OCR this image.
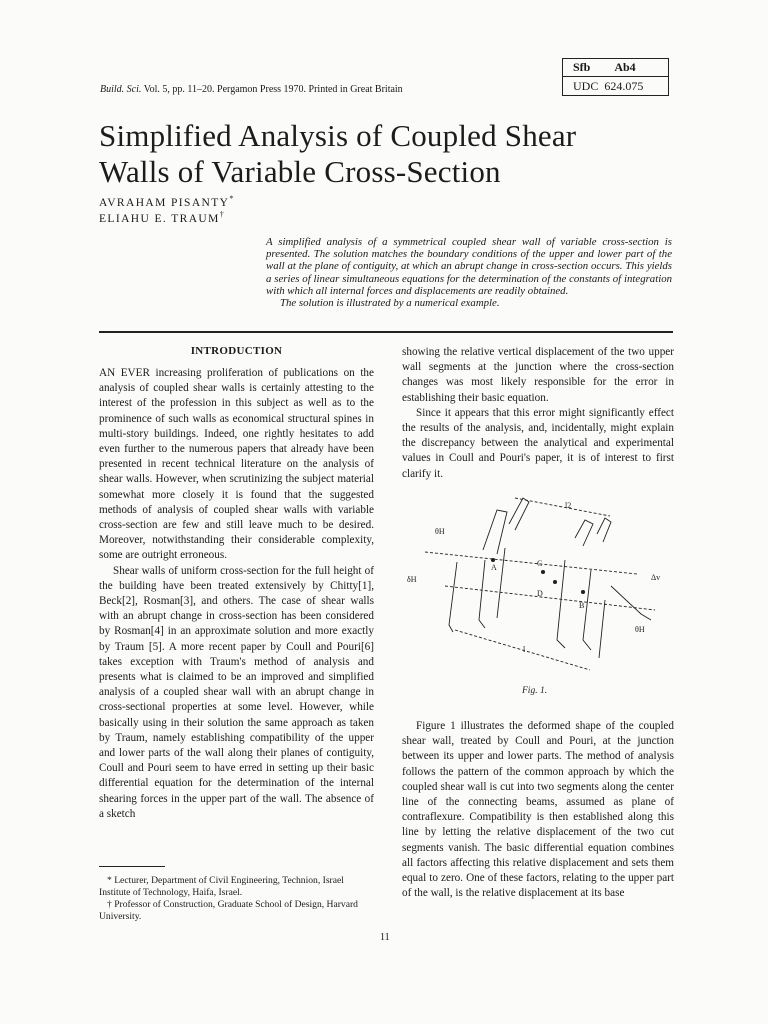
Sfb Ab4
UDC 624.075
Build. Sci. Vol. 5, pp. 11–20. Pergamon Press 1970. Printed in Great Britain
Simplified Analysis of Coupled Shear
Walls of Variable Cross-Section
AVRAHAM PISANTY*
ELIAHU E. TRAUM†
A simplified analysis of a symmetrical coupled shear wall of variable cross-section is presented. The solution matches the boundary conditions of the upper and lower part of the wall at the plane of contiguity, at which an abrupt change in cross-section occurs. This yields a series of linear simultaneous equations for the determination of the constants of integration with which all internal forces and displacements are readily obtained.
The solution is illustrated by a numerical example.
INTRODUCTION

AN EVER increasing proliferation of publications on the analysis of coupled shear walls is certainly attesting to the interest of the profession in this subject as well as to the prominence of such walls as economical structural spines in multi-story buildings. Indeed, one rightly hesitates to add even further to the numerous papers that already have been presented in recent technical literature on the analysis of shear walls. However, when scrutinizing the subject material somewhat more closely it is found that the suggested methods of analysis of coupled shear walls with variable cross-section are few and still leave much to be desired. Moreover, notwithstanding their considerable complexity, some are outright erroneous.

Shear walls of uniform cross-section for the full height of the building have been treated extensively by Chitty[1], Beck[2], Rosman[3], and others. The case of shear walls with an abrupt change in cross-section has been considered by Rosman[4] in an approximate solution and more exactly by Traum [5]. A more recent paper by Coull and Pouri[6] takes exception with Traum's method of analysis and presents what is claimed to be an improved and simplified analysis of a coupled shear wall with an abrupt change in cross-sectional properties at some level. However, while basically using in their solution the same approach as taken by Traum, namely establishing compatibility of the upper and lower parts of the wall along their planes of contiguity, Coull and Pouri seem to have erred in setting up their basic differential equation for the determination of the internal shearing forces in the upper part of the wall. The absence of a sketch

* Lecturer, Department of Civil Engineering, Technion, Israel Institute of Technology, Haifa, Israel.

† Professor of Construction, Graduate School of Design, Harvard University.

showing the relative vertical displacement of the two upper wall segments at the junction where the cross-section changes was most likely responsible for the error in establishing their basic equation.

Since it appears that this error might significantly effect the results of the analysis, and, incidentally, might explain the discrepancy between the analytical and experimental values in Coull and Pouri's paper, it is of interest to first clarify it.

θH
δH
A	C
D
B
l
l2
Δv
θH
Fig. 1.

Figure 1 illustrates the deformed shape of the coupled shear wall, treated by Coull and Pouri, at the junction between its upper and lower parts. The method of analysis follows the pattern of the common approach by which the coupled shear wall is cut into two segments along the center line of the connecting beams, assumed as plane of contraflexure. Compatibility is then established along this line by letting the relative displacement of the two cut segments vanish. The basic differential equation combines all factors affecting this relative displacement and sets them equal to zero. One of these factors, relating to the upper part of the wall, is the relative displacement at its base

11
